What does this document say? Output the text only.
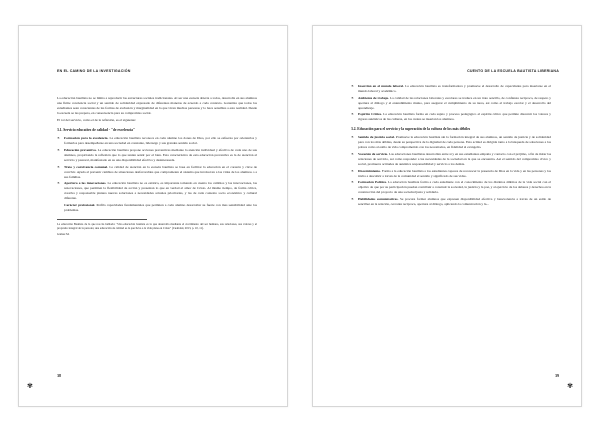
EN EL CAMINO DE LA INVESTIGACIÓN

La educación bautlista no se limita a reproducir las estructuras sociales tradicionales. Al ser una escuela abierta a todos, desarrolla en sus alumnos una firme conciencia social y un sentido de solidaridad expresado de diferentes maneras de acuerdo a cada contexto. Garantiza que todos los estudiantes sean conscientes de las formas de exclusión y marginalidad en la que viven muchas personas y lo hace sensibles a esta realidad. Desde la escuela se les prepara, en consecuencia para su compromiso social.

El rol del servicio, como el de la reflexión, es el siguiente:

3.1. Servicio educativo de calidad - "de excelencia"
❧	Formación para la excelencia. La educación bautlista reconoce en cada alumno los dones de Dios, por ello se esfuerza por orientarlos y formarlos para desempeñarse en una sociedad en constante, liderazgo y sus grandes sentido social.
❧	Educación preventiva. La educación bautlista propone acciones preventivas mediante la atención individual y afectiva de cada uno de sus alumnos, propiciando la reflexión que lo que tenían sentir por el bien. Esta característica de esta educación preventiva es la de atención al servicio y pastoral, manifestado en su una disponibilidad efectiva y desinteresada.
❧	Trato y convivencia comunal. La calidad de atención en la escuela bautlista se basa en facilitar la educación en el corazón y clave de convivir. Ayuda al prevenir cambios de situaciones desfavorables que comprometen el sistema que involucran a las vidas de los alumnos o a sus familias.
❧	Apertura a las innovaciones. La educación bautlista no es estática, es importante tomando en cuenta los cambios y las innovaciones, las renovaciones, que permiten la flexibilidad de acción y presentan lo que en verdad el amor de Cristo. Al mismo tiempo, de forma crítica, creativa y responsable plantea nuevas soluciones a necesidades actuales prioritarias, y las de cada contexto socio económico y cultural diferente.
Carácter profesional. Perfila capacidades fundamentales que permiten a cada alumno desarrollar su fuerte con mas sensibilidad ante los problemas.

La educación Bautista de la que nos ha hablado: "Una educación bautista es la que desarrolla mediante el crecimiento del ser humano, sus relaciones, sus valores y el propósito integral de la persona; una educación de calidad es la que lleva a la vida plena en Cristo" (Cualidad, 2013, p. 10, 11).

Gómez M.

38
✾
CUENTO DE LA ESCUELA BAUTISTA LIBERIANA
❧	Inserción en el mundo laboral. La educación bautlista es transformadora y promueve el desarrollo de capacidades para insertarse en el mundo laboral y académico.
❧	Ambiente de trabajo. La calidad de las relaciones laborales y escolares se traduce en un trato sencillo, de confianza recíproca, de respeto y apertura al diálogo y el entendimiento mutuo, para asegurar el cumplimiento de su tarea, así como el trabajo escolar y el desarrollo del aprendizaje.
❧	Espíritu Crítico. La educación bautlista forma en cada sujeto y proceso pedagógico el espíritu crítico que permite discernir los valores y rigores auténticos de las culturas, en los cuales se insertan los alumnos.
3.2. Educación para el servicio y la superación de la cultura de los más débiles
❧	Sentido de justicia social. Promueve la educación bautlista sin la formación integral de sus alumnos, un sentido de justicia y de solidaridad para con los más débiles, desde su perspectiva de la dignidad de cada persona. Esta actitud es dirigida tanto a la búsqueda de soluciones a los pobres como al estilo de vida comprometido con los necesitados, en fidelidad al evangelio.
❧	Vocación de servicio. Las educaciones bautlistas desarrollan entre sí y en sus estudiantes empatía y contacto con el prójimo, a fin de mirar las relaciones de servicio, así como responder a las necesidades de la sociedad en la que se encuentra. Así el sentido del compromiso cívico y social, promueve actitudes de auténtica responsabilidad y servicio a los demás.
❧	Discernimiento. Forma a la educación bautlista a los estudiantes capaces de reconocer la presencia de Dios en la vida y en las personas y los invita a descubrir a través de la comunidad el sentido y significado de sus vidas.
❧	Formación Política. La educación bautlista forma a cada estudiante con el conocimiento de los distintos ámbitos de la vida social con el objetivo de que por su participación puedan contribuir a construir la sociedad, la justicia y la paz, y al ejercicio de los deberes y derechos en la construcción del proyecto de una sociedad justa y solidaria.
❧	Habilidades comunicativas. Se procura formar alumnos que expresen disponibilidad efectiva y benevolencia a través de un estilo de sencillez en la relación, cercanía recíproca, apertura al diálogo, aplicando la comunicación y la...
39
✾
